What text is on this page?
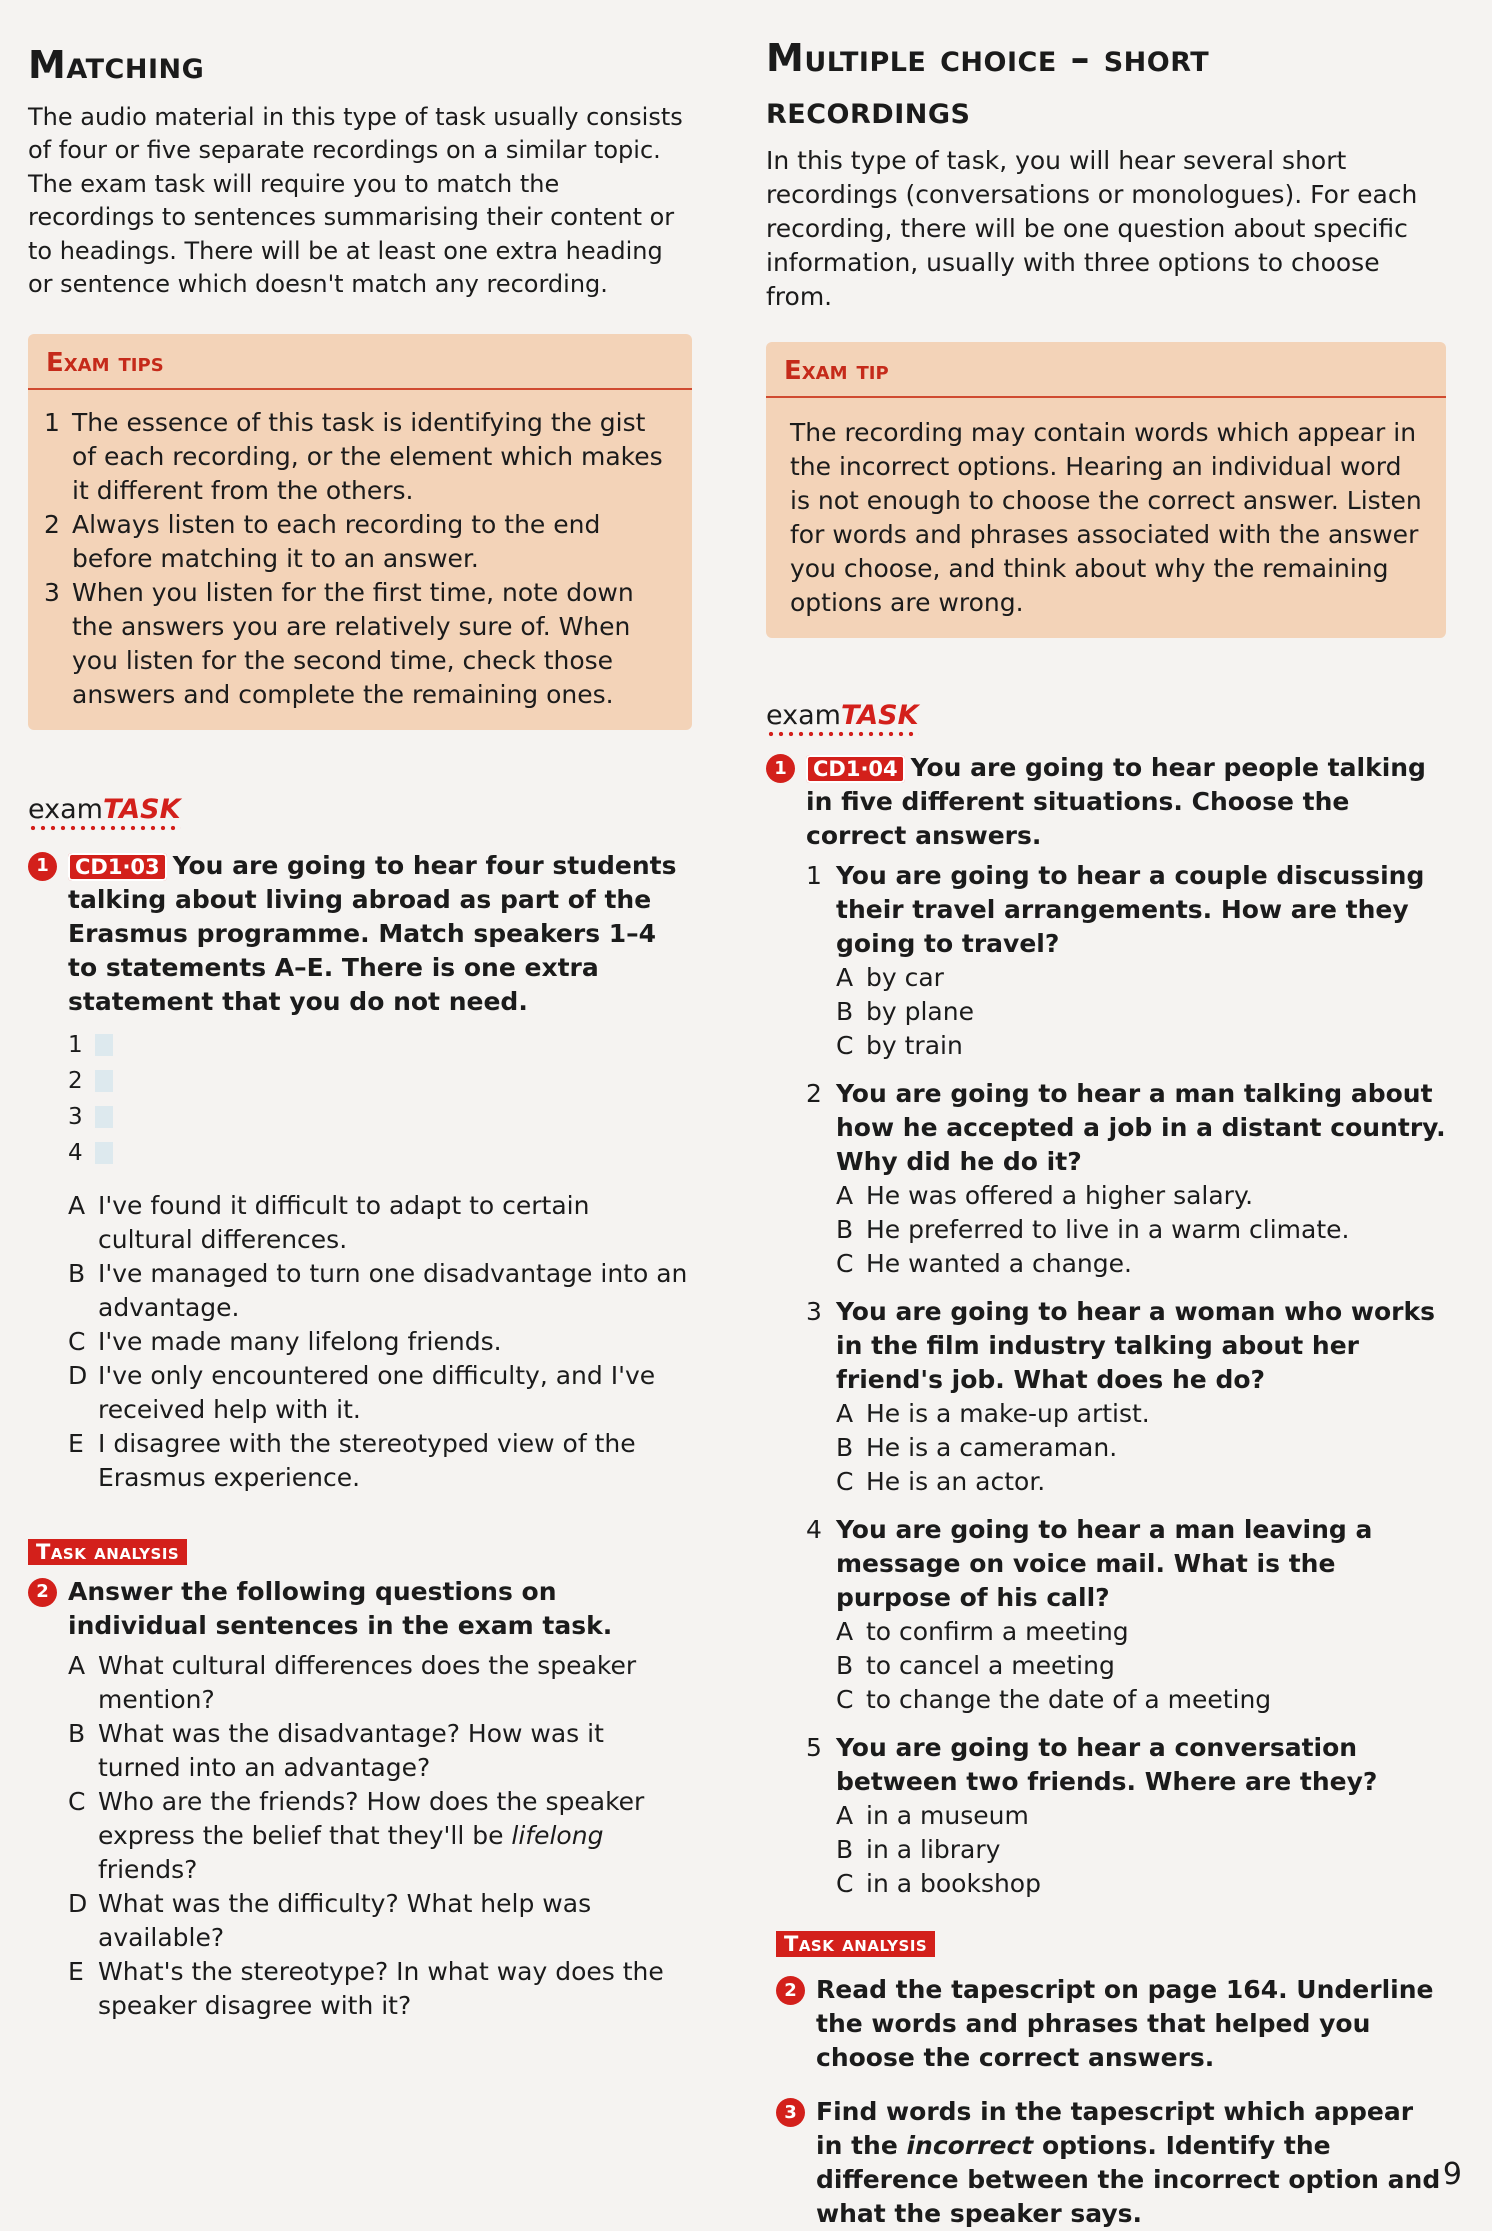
Matching

The audio material in this type of task usually consists of four or five separate recordings on a similar topic. The exam task will require you to match the recordings to sentences summarising their content or to headings. There will be at least one extra heading or sentence which doesn't match any recording.

Exam tips
1 The essence of this task is identifying the gist of each recording, or the element which makes it different from the others.
2 Always listen to each recording to the end before matching it to an answer.
3 When you listen for the first time, note down the answers you are relatively sure of. When you listen for the second time, check those answers and complete the remaining ones.
examTASK
1	CD1·03 You are going to hear four students talking about living abroad as part of the Erasmus programme. Match speakers 1–4 to statements A–E. There is one extra statement that you do not need.
1
2
3
4
A I've found it difficult to adapt to certain cultural differences.
B I've managed to turn one disadvantage into an advantage.
C I've made many lifelong friends.
D I've only encountered one difficulty, and I've received help with it.
E I disagree with the stereotyped view of the Erasmus experience.
Task analysis
2 Answer the following questions on individual sentences in the exam task.
A What cultural differences does the speaker mention?
B What was the disadvantage? How was it turned into an advantage?
C Who are the friends? How does the speaker express the belief that they'll be lifelong friends?
D What was the difficulty? What help was available?
E What's the stereotype? In what way does the speaker disagree with it?
Multiple choice – short
recordings

In this type of task, you will hear several short recordings (conversations or monologues). For each recording, there will be one question about specific information, usually with three options to choose from.

Exam tip

The recording may contain words which appear in the incorrect options. Hearing an individual word is not enough to choose the correct answer. Listen for words and phrases associated with the answer you choose, and think about why the remaining options are wrong.

examTASK
1	CD1·04 You are going to hear people talking in five different situations. Choose the correct answers.
1 You are going to hear a couple discussing their travel arrangements. How are they going to travel?
A by car
B by plane
C by train
2 You are going to hear a man talking about how he accepted a job in a distant country. Why did he do it?
A He was offered a higher salary.
B He preferred to live in a warm climate.
C He wanted a change.
3 You are going to hear a woman who works in the film industry talking about her friend's job. What does he do?
A He is a make-up artist.
B He is a cameraman.
C He is an actor.
4 You are going to hear a man leaving a message on voice mail. What is the purpose of his call?
A to confirm a meeting
B to cancel a meeting
C to change the date of a meeting
5 You are going to hear a conversation between two friends. Where are they?
A in a museum
B in a library
C in a bookshop
Task analysis
2 Read the tapescript on page 164. Underline the words and phrases that helped you choose the correct answers.
3 Find words in the tapescript which appear in the incorrect options. Identify the difference between the incorrect option and what the speaker says.
9
